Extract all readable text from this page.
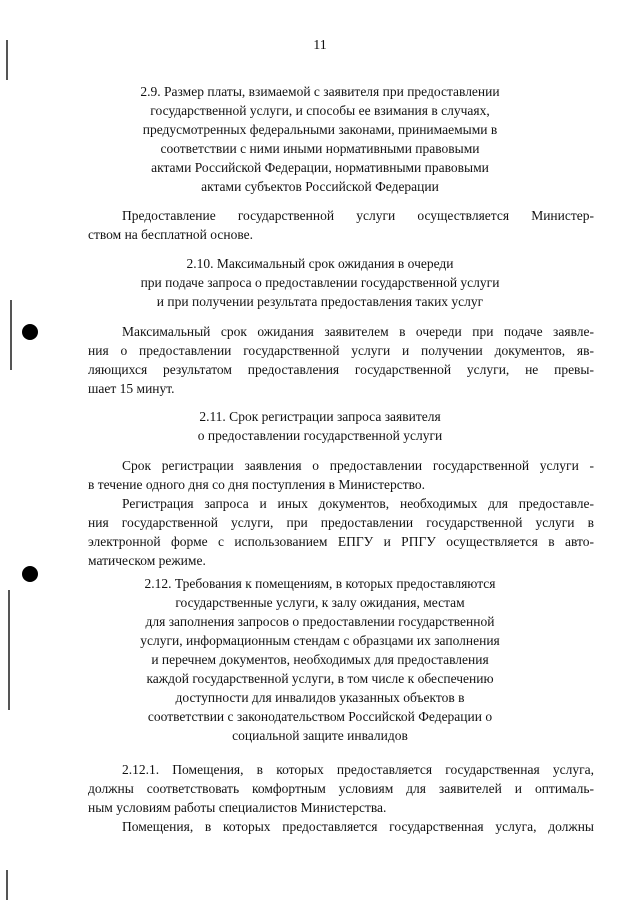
11
2.9. Размер платы, взимаемой с заявителя при предоставлении
государственной услуги, и способы ее взимания в случаях,
предусмотренных федеральными законами, принимаемыми в
соответствии с ними иными нормативными правовыми
актами Российской Федерации, нормативными правовыми
актами субъектов Российской Федерации
Предоставление государственной услуги осуществляется Министер-
ством на бесплатной основе.
2.10. Максимальный срок ожидания в очереди
при подаче запроса о предоставлении государственной услуги
и при получении результата предоставления таких услуг
Максимальный срок ожидания заявителем в очереди при подаче заявле-
ния о предоставлении государственной услуги и получении документов, яв-
ляющихся результатом предоставления государственной услуги, не превы-
шает 15 минут.
2.11. Срок регистрации запроса заявителя
о предоставлении государственной услуги
Срок регистрации заявления о предоставлении государственной услуги -
в течение одного дня со дня поступления в Министерство.
Регистрация запроса и иных документов, необходимых для предоставле-
ния государственной услуги, при предоставлении государственной услуги в
электронной форме с использованием ЕПГУ и РПГУ осуществляется в авто-
матическом режиме.
2.12. Требования к помещениям, в которых предоставляются
государственные услуги, к залу ожидания, местам
для заполнения запросов о предоставлении государственной
услуги, информационным стендам с образцами их заполнения
и перечнем документов, необходимых для предоставления
каждой государственной услуги, в том числе к обеспечению
доступности для инвалидов указанных объектов в
соответствии с законодательством Российской Федерации о
социальной защите инвалидов
2.12.1. Помещения, в которых предоставляется государственная услуга,
должны соответствовать комфортным условиям для заявителей и оптималь-
ным условиям работы специалистов Министерства.
Помещения, в которых предоставляется государственная услуга, должны
